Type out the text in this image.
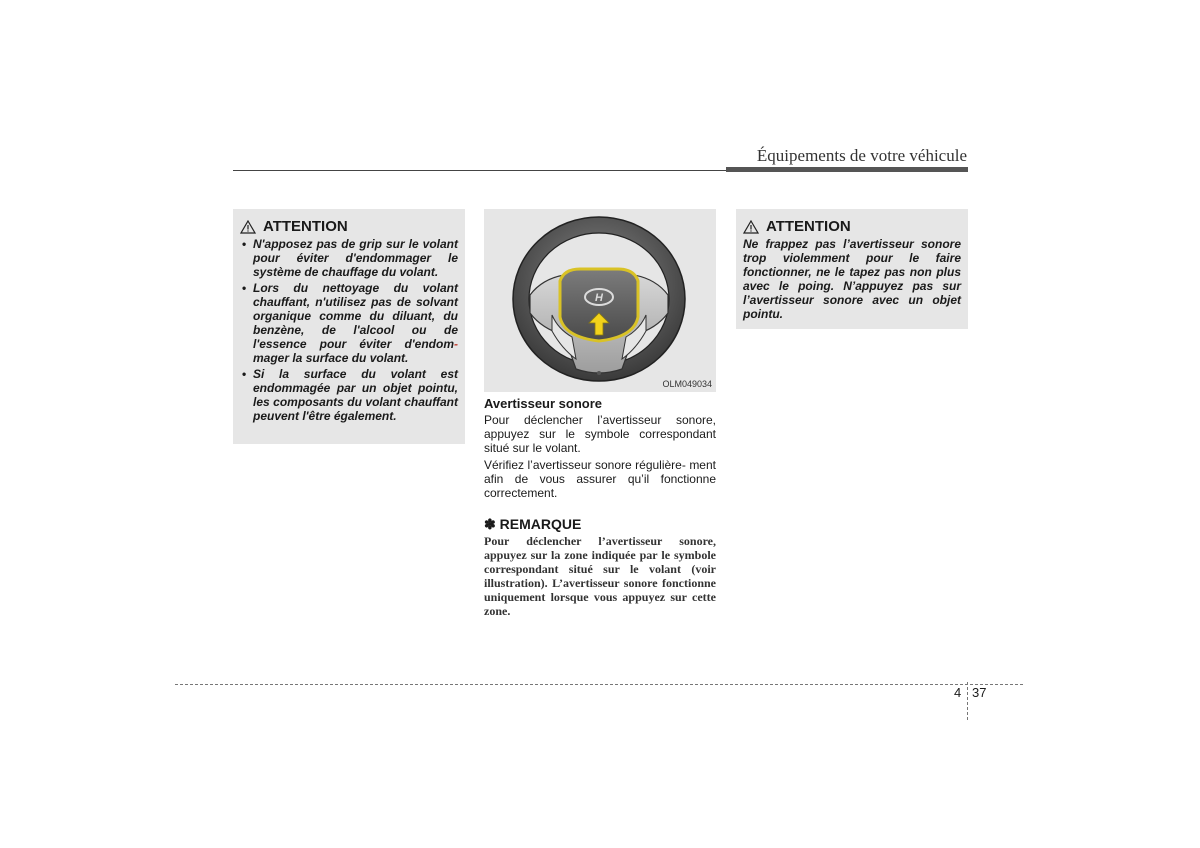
Équipements de votre véhicule
ATTENTION
• N'apposez pas de grip sur le volant pour éviter d'endommager le système de chauffage du volant.
• Lors du nettoyage du volant chauffant, n'utilisez pas de solvant organique comme du diluant, du benzène, de l'alcool ou de l'essence pour éviter d'endom-mager la surface du volant.
• Si la surface du volant est endommagée par un objet pointu, les composants du volant chauffant peuvent l'être également.
H
OLM049034
Avertisseur sonore

Pour déclencher l’avertisseur sonore, appuyez sur le symbole correspondant situé sur le volant.

Vérifiez l’avertisseur sonore régulière- ment afin de vous assurer qu’il fonctionne correctement.

✽ REMARQUE
Pour déclencher l’avertisseur sonore, appuyez sur la zone indiquée par le symbole correspondant situé sur le volant (voir illustration). L’avertisseur sonore fonctionne uniquement lorsque vous appuyez sur cette zone.
ATTENTION
Ne frappez pas l’avertisseur sonore trop violemment pour le faire fonctionner, ne le tapez pas non plus avec le poing. N’appuyez pas sur l’avertisseur sonore avec un objet pointu.
4 37
